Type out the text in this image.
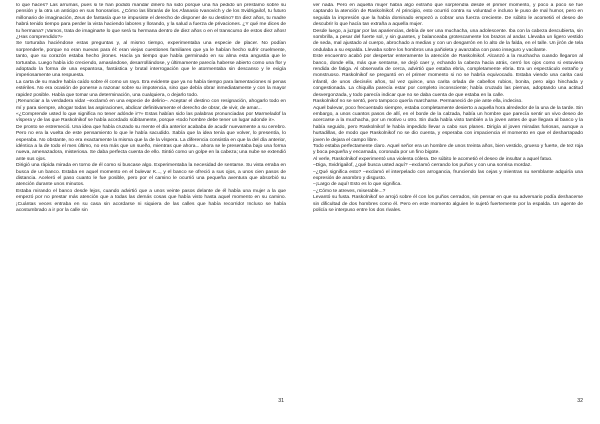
lo que haces? Las arrumas, pues si te han podido mandar dinero ha sido porque una ha pedido un préstamo sobre su pensión y la otra un anticipo en sus honorarios. ¿Cómo las librarás de los Afanasio Ivanovich y de los Svidrigailof, tu futuro millonario de imaginación, Zeus de fantasía que te impusiste el derecho de disponer de su destino? En diez años, tu madre habrá tenido tiempo para perder la vista haciendo labores y llorando, y la salud a fuerza de privaciones. ¿Y qué me dices de tu hermana? ¡Vamos, trata de imaginarte lo que será tu hermana dentro de diez años o en el transcurso de estos diez años! ¿Has comprendido?»

Se torturaba haciéndose estas preguntas y, al mismo tiempo, experimentaba una especie de placer. No podían sorprenderle, porque no eran nuevas para él: eran viejas cuestiones familiares que ya le habían hecho sufrir cruelmente, tanto, que su corazón estaba hecho jirones. Hacía ya tiempo que había germinado en su alma esta angustia que le torturaba. Luego había ido creciendo, amasándose, desarrollándose, y últimamente parecía haberse abierto como una flor y adoptado la forma de una espantosa, fantástica y brutal interrogación que le atormentaba sin descanso y le exigía imperiosamente una respuesta.

La carta de su madre había caído sobre él como un rayo. Era evidente que ya no había tiempo para lamentaciones ni penas estériles. No era ocasión de ponerse a razonar sobre su impotencia, sino que debía obrar inmediatamente y con la mayor rapidez posible. Había que tomar una determinación, una cualquiera, o dejarlo todo.

¡Renunciar a la verdadera vida! –exclamó en una especie de delirio–. Aceptar el destino con resignación, ahogarlo todo en mí y para siempre, ahogar todas las aspiraciones, abdicar definitivamente el derecho de obrar, de vivir, de amar...

«¿Comprende usted lo que significa no tener adónde ir?» Estas habían sido las palabras pronunciadas por Marmeladof la víspera y de las que Raskolnikof se había acordado súbitamente, porque «todo hombre debe tener un lugar adonde ir».

De pronto se estremeció. Una idea que había cruzado su mente el día anterior acababa de acudir nuevamente a su cerebro. Pero no era la vuelta de este pensamiento lo que le había sacudido. Sabía que la idea tenía que volver, lo presentía, lo esperaba. No obstante, no era exactamente la misma que la de la víspera. La diferencia consistía en que la del día anterior, idéntica a la de todo el mes último, no era más que un sueño, mientras que ahora... ahora se le presentaba bajo una forma nueva, amenazadora, misteriosa. Se daba perfecta cuenta de ello. Sintió como un golpe en la cabeza; una nube se extendió ante sus ojos.

Dirigió una rápida mirada en torno de él como si buscase algo. Experimentaba la necesidad de sentarse. Su vista erraba en busca de un banco. Estaba en aquel momento en el bulevar K..., y el banco se ofreció a sus ojos, a unos cien pasos de distancia. Aceleró el paso cuanto le fue posible, pero por el camino le ocurrió una pequeña aventura que absorbió su atención durante unos minutos.

Estaba mirando el banco desde lejos, cuando advirtió que a unos veinte pasos delante de él había una mujer a la que empezó por no prestar más atención que a todas las demás cosas que había visto hasta aquel momento en su camino. ¡Cuántas veces entraba en su casa sin acordarse ni siquiera de las calles que había recorrido! Incluso se había acostumbrado a ir por la calle sin

31

ver nada. Pero en aquella mujer había algo extraño que sorprendía desde el primer momento, y poco a poco se fue captando la atención de Raskolnikof. Al principio, esto ocurrió contra su voluntad e incluso le puso de mal humor, pero en seguida la impresión que la había dominado empezó a cobrar una fuerza creciente. De súbito le acometió el deseo de descubrir lo que hacía tan extraña a aquella mujer.

Desde luego, a juzgar por las apariencias, debía de ser una muchacha, una adolescente. Iba con la cabeza descubierta, sin sombrilla, a pesar del fuerte sol, y sin guantes, y balanceaba grotescamente los brazos al andar. Llevaba un ligero vestido de seda, mal ajustado al cuerpo, abrochado a medias y con un desgarrón en lo alto de la falda, en el talle. Un jirón de tela ondulaba a su espalda. Llevaba sobre los hombros una pañoleta y avanzaba con paso inseguro y vacilante.

Este encuentro acabó por despertar enteramente la atención de Raskolnikof. Alcanzó a la muchacha cuando llegaron al banco, donde ella, más que sentarse, se dejó caer y, echando la cabeza hacia atrás, cerró los ojos como si estuviera rendida de fatiga. Al observarla de cerca, advirtió que estaba ebria, completamente ebria. Era un espectáculo extraño y monstruoso. Raskolnikof se preguntó en el primer momento si no se habría equivocado. Estaba viendo una carita casi infantil, de unos dieciséis años, tal vez quince, una carita orlada de cabellos rubios, bonita, pero algo hinchada y congestionada. La chiquilla parecía estar por completo inconsciente; había cruzado las piernas, adoptando una actitud desvergonzada, y todo parecía indicar que no se daba cuenta de que estaba en la calle.

Raskolnikof no se sentó, pero tampoco quería marcharse. Permaneció de pie ante ella, indeciso.

Aquel bulevar, poco frecuentado siempre, estaba completamente desierto a aquella hora alrededor de la una de la tarde. Sin embargo, a unos cuantos pasos de allí, en el borde de la calzada, había un hombre que parecía sentir un vivo deseo de acercarse a la muchacha, por un motivo u otro. Sin duda había visto también a la joven antes de que llegara al banco y la había seguido, pero Raskolnikof le había impedido llevar a cabo sus planes. Dirigía al joven miradas furiosas, aunque a hurtadillas, de modo que Raskolnikof no se dio cuenta, y esperaba con impaciencia el momento en que el desharrapado joven le dejara el campo libre.

Todo estaba perfectamente claro. Aquel señor era un hombre de unos treinta años, bien vestido, grueso y fuerte, de tez roja y boca pequeña y encarnada, coronada por un fino bigote.

Al verle, Raskolnikof experimentó una violenta cólera. De súbito le acometió el deseo de insultar a aquel fatuo.

–Diga, Svidrigailof, ¿qué busca usted aquí? –exclamó cerrando los puños y con una sonrisa mordaz.

–¿Qué significa esto? –exclamó el interpelado con arrogancia, frunciendo las cejas y mientras su semblante adquiría una expresión de asombro y disgusto.

–¡Largo de aquí! Esto es lo que significa.

–¿Cómo te atreves, miserable...?

Levantó su fusta. Raskolnikof se arrojó sobre él con los puños cerrados, sin pensar en que su adversario podía deshacerse sin dificultad de dos hombres como él. Pero en este momento alguien le sujetó fuertemente por la espalda. Un agente de policía se interpuso entre los dos rivales.

32
